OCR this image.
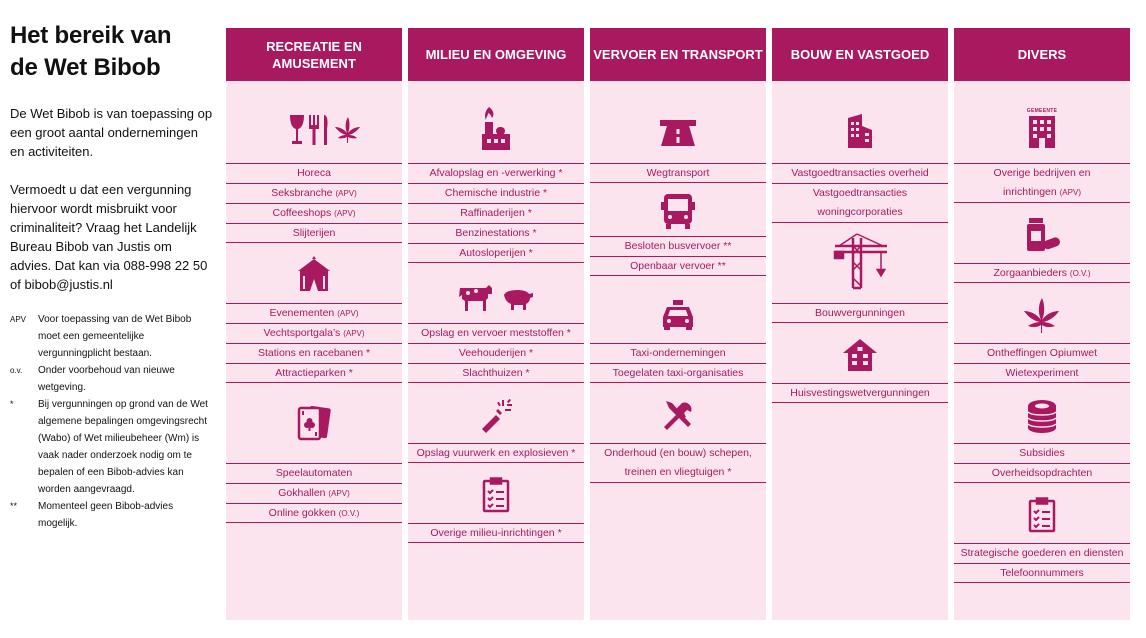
Het bereik van
de Wet Bibob

De Wet Bibob is van toepassing op een groot aantal ondernemingen en activiteiten.

Vermoedt u dat een vergunning hiervoor wordt misbruikt voor criminaliteit? Vraag het Landelijk Bureau Bibob van Justis om advies. Dat kan via 088-998 22 50 of bibob@justis.nl

APV	Voor toepassing van de Wet Bibob moet een gemeentelijke vergunningplicht bestaan.
o.v.	Onder voorbehoud van nieuwe wetgeving.
*	Bij vergunningen op grond van de Wet algemene bepalingen omgevingsrecht (Wabo) of Wet milieubeheer (Wm) is vaak nader onderzoek nodig om te bepalen of een Bibob-advies kan worden aangevraagd.
**	Momenteel geen Bibob-advies mogelijk.
RECREATIE EN AMUSEMENT
Horeca
Seksbranche (APV)
Coffeeshops (APV)
Slijterijen
Evenementen (APV)
Vechtsportgala’s (APV)
Stations en racebanen *
Attractieparken *
Speelautomaten
Gokhallen (APV)
Online gokken (O.V.)
MILIEU EN OMGEVING
Afvalopslag en -verwerking *
Chemische industrie *
Raffinaderijen *
Benzinestations *
Autosloperijen *
Opslag en vervoer meststoffen *
Veehouderijen *
Slachthuizen *
Opslag vuurwerk en explosieven *
Overige milieu-inrichtingen *
VERVOER EN TRANSPORT
Wegtransport
Besloten busvervoer **
Openbaar vervoer **
Taxi-ondernemingen
Toegelaten taxi-organisaties
Onderhoud (en bouw) schepen,
treinen en vliegtuigen *
BOUW EN VASTGOED
Vastgoedtransacties overheid
Vastgoedtransacties
woningcorporaties
Bouwvergunningen
Huisvestingswetvergunningen
DIVERS
GEMEENTE
Overige bedrijven en
inrichtingen (APV)
Zorgaanbieders (O.V.)
Ontheffingen Opiumwet
Wietexperiment
Subsidies
Overheidsopdrachten
Strategische goederen en diensten
Telefoonnummers
